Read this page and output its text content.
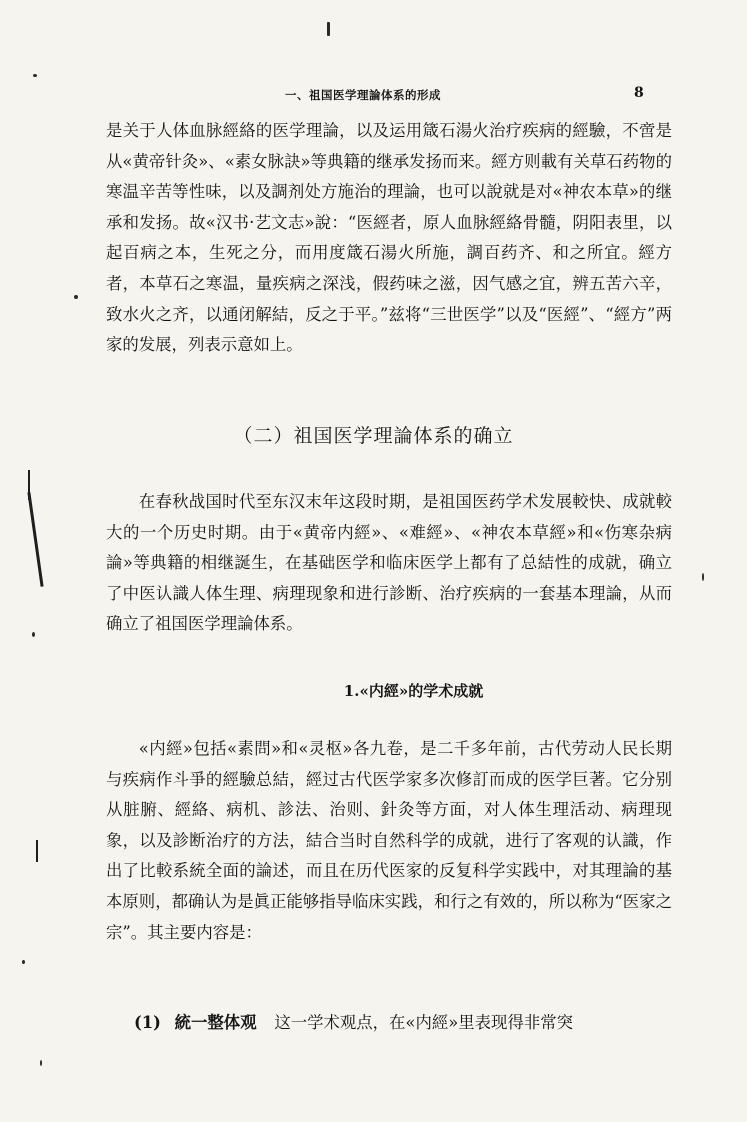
一、祖国医学理論体系的形成	8

是关于人体血脉經絡的医学理論，以及运用箴石湯火治疗疾病的經驗，不啻是从«黄帝针灸»、«素女脉訣»等典籍的继承发扬而来。經方则載有关草石药物的寒温辛苦等性味，以及調剂处方施治的理論，也可以說就是对«神农本草»的继承和发扬。故«汉书·艺文志»說：“医經者，原人血脉經絡骨髓，阴阳表里，以起百病之本，生死之分，而用度箴石湯火所施，調百药齐、和之所宜。經方者，本草石之寒温，量疾病之深浅，假药味之滋，因气感之宜，辨五苦六辛，致水火之齐，以通闭解結，反之于平。”兹将“三世医学”以及“医經”、“經方”两家的发展，列表示意如上。

（二）祖国医学理論体系的确立

在春秋战国时代至东汉末年这段时期，是祖国医药学术发展較快、成就較大的一个历史时期。由于«黄帝内經»、«难經»、«神农本草經»和«伤寒杂病論»等典籍的相继誕生，在基础医学和临床医学上都有了总結性的成就，确立了中医认識人体生理、病理现象和进行診断、治疗疾病的一套基本理論，从而确立了祖国医学理論体系。

1.«内經»的学术成就

«内經»包括«素問»和«灵枢»各九卷，是二千多年前，古代劳动人民长期与疾病作斗爭的經驗总結，經过古代医学家多次修訂而成的医学巨著。它分别从脏腑、經絡、病机、診法、治则、針灸等方面，对人体生理活动、病理现象，以及診断治疗的方法，結合当时自然科学的成就，进行了客观的认識，作出了比較系統全面的論述，而且在历代医家的反复科学实践中，对其理論的基本原则，都确认为是眞正能够指导临床实践，和行之有效的，所以称为“医家之宗”。其主要内容是：

(1) 統一整体观 这一学术观点，在«内經»里表现得非常突
